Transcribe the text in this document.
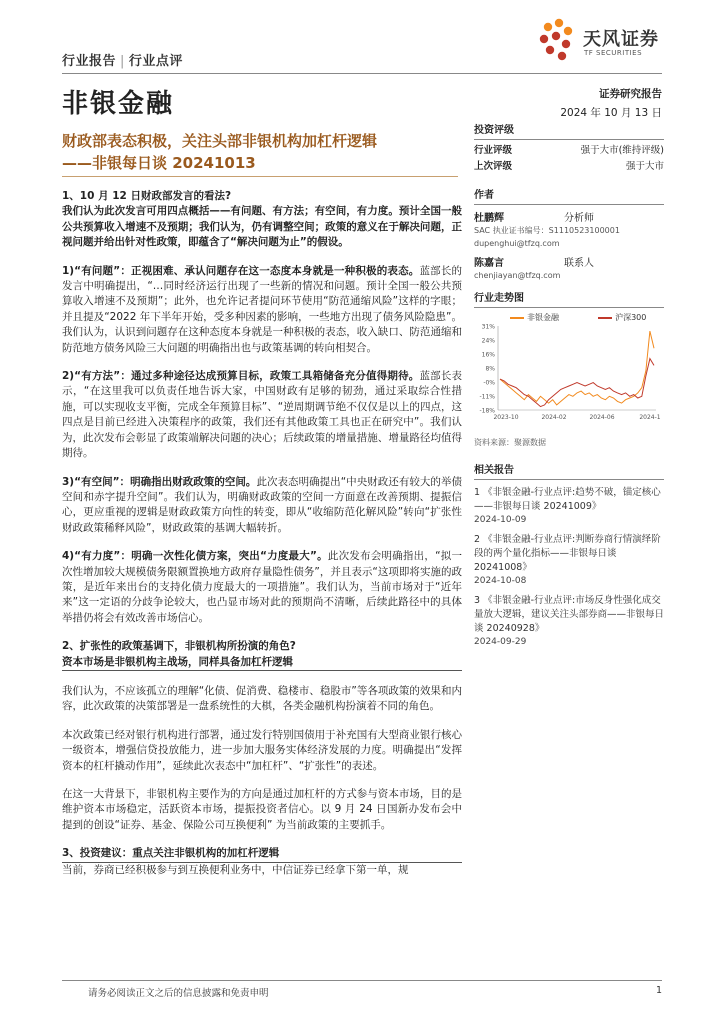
行业报告 | 行业点评
天风证券
TF SECURITIES
非银金融	证券研究报告
2024 年 10 月 13 日
财政部表态积极，关注头部非银机构加杠杆逻辑
——非银每日谈 20241013

1、10 月 12 日财政部发言的看法?

我们认为此次发言可用四点概括——有问题、有方法；有空间，有力度。预计全国一般公共预算收入增速不及预期；我们认为，仍有调整空间；政策的意义在于解决问题，正视问题并给出针对性政策，即蕴含了“解决问题为止”的假设。

1)“有问题”：正视困难、承认问题存在这一态度本身就是一种积极的表态。蓝部长的发言中明确提出，“…同时经济运行出现了一些新的情况和问题。预计全国一般公共预算收入增速不及预期”；此外，也允许记者提问环节使用“防范通缩风险”这样的字眼；并且提及“2022 年下半年开始，受多种因素的影响，一些地方出现了债务风险隐患”。我们认为，认识到问题存在这种态度本身就是一种积极的表态，收入缺口、防范通缩和防范地方债务风险三大问题的明确指出也与政策基调的转向相契合。

2)“有方法”：通过多种途径达成预算目标，政策工具箱储备充分值得期待。蓝部长表示，“在这里我可以负责任地告诉大家，中国财政有足够的韧劲，通过采取综合性措施，可以实现收支平衡，完成全年预算目标”、“逆周期调节绝不仅仅是以上的四点，这四点是目前已经进入决策程序的政策，我们还有其他政策工具也正在研究中”。我们认为，此次发布会彰显了政策端解决问题的决心；后续政策的增量措施、增量路径均值得期待。

3)“有空间”：明确指出财政政策的空间。此次表态明确提出“中央财政还有较大的举债空间和赤字提升空间”。我们认为，明确财政政策的空间一方面意在改善预期、提振信心，更应重视的逻辑是财政政策方向性的转变，即从“收缩防范化解风险”转向“扩张性财政政策稀释风险”，财政政策的基调大幅转折。

4)“有力度”：明确一次性化债方案，突出“力度最大”。此次发布会明确指出，“拟一次性增加较大规模债务限额置换地方政府存量隐性债务”，并且表示“这项即将实施的政策，是近年来出台的支持化债力度最大的一项措施”。我们认为，当前市场对于“近年来”这一定语的分歧争论较大，也凸显市场对此的预期尚不清晰，后续此路径中的具体举措仍将会有效改善市场信心。

2、扩张性的政策基调下，非银机构所扮演的角色?

资本市场是非银机构主战场，同样具备加杠杆逻辑

我们认为，不应该孤立的理解“化债、促消费、稳楼市、稳股市”等各项政策的效果和内容，此次政策的决策部署是一盘系统性的大棋，各类金融机构扮演着不同的角色。

本次政策已经对银行机构进行部署，通过发行特别国债用于补充国有大型商业银行核心一级资本，增强信贷投放能力，进一步加大服务实体经济发展的力度。明确提出“发挥资本的杠杆撬动作用”，延续此次表态中“加杠杆”、“扩张性”的表述。

在这一大背景下，非银机构主要作为的方向是通过加杠杆的方式参与资本市场，目的是维护资本市场稳定，活跃资本市场，提振投资者信心。以 9 月 24 日国新办发布会中提到的创设“证券、基金、保险公司互换便利” 为当前政策的主要抓手。

3、投资建议：重点关注非银机构的加杠杆逻辑

当前，券商已经积极参与到互换便利业务中，中信证券已经拿下第一单，规

投资评级
行业评级	强于大市(维持评级)
上次评级	强于大市
作者
杜鹏辉	分析师
SAC 执业证书编号：S1110523100001
dupenghui@tfzq.com
陈嘉言	联系人
chenjiayan@tfzq.com
行业走势图
非银金融	沪深300
31%
24%
16%
8%
-0%
-11%
-18%
2023-10	2024-02	2024-06	2024-1
资料来源：聚源数据
相关报告
1 《非银金融-行业点评:趋势不破，锚定核心——非银每日谈 20241009》
2024-10-09
2 《非银金融-行业点评:判断券商行情演绎阶段的两个量化指标——非银每日谈 20241008》
2024-10-08
3 《非银金融-行业点评:市场反身性强化成交量放大逻辑，建议关注头部券商——非银每日谈 20240928》
2024-09-29
请务必阅读正文之后的信息披露和免责申明	1
